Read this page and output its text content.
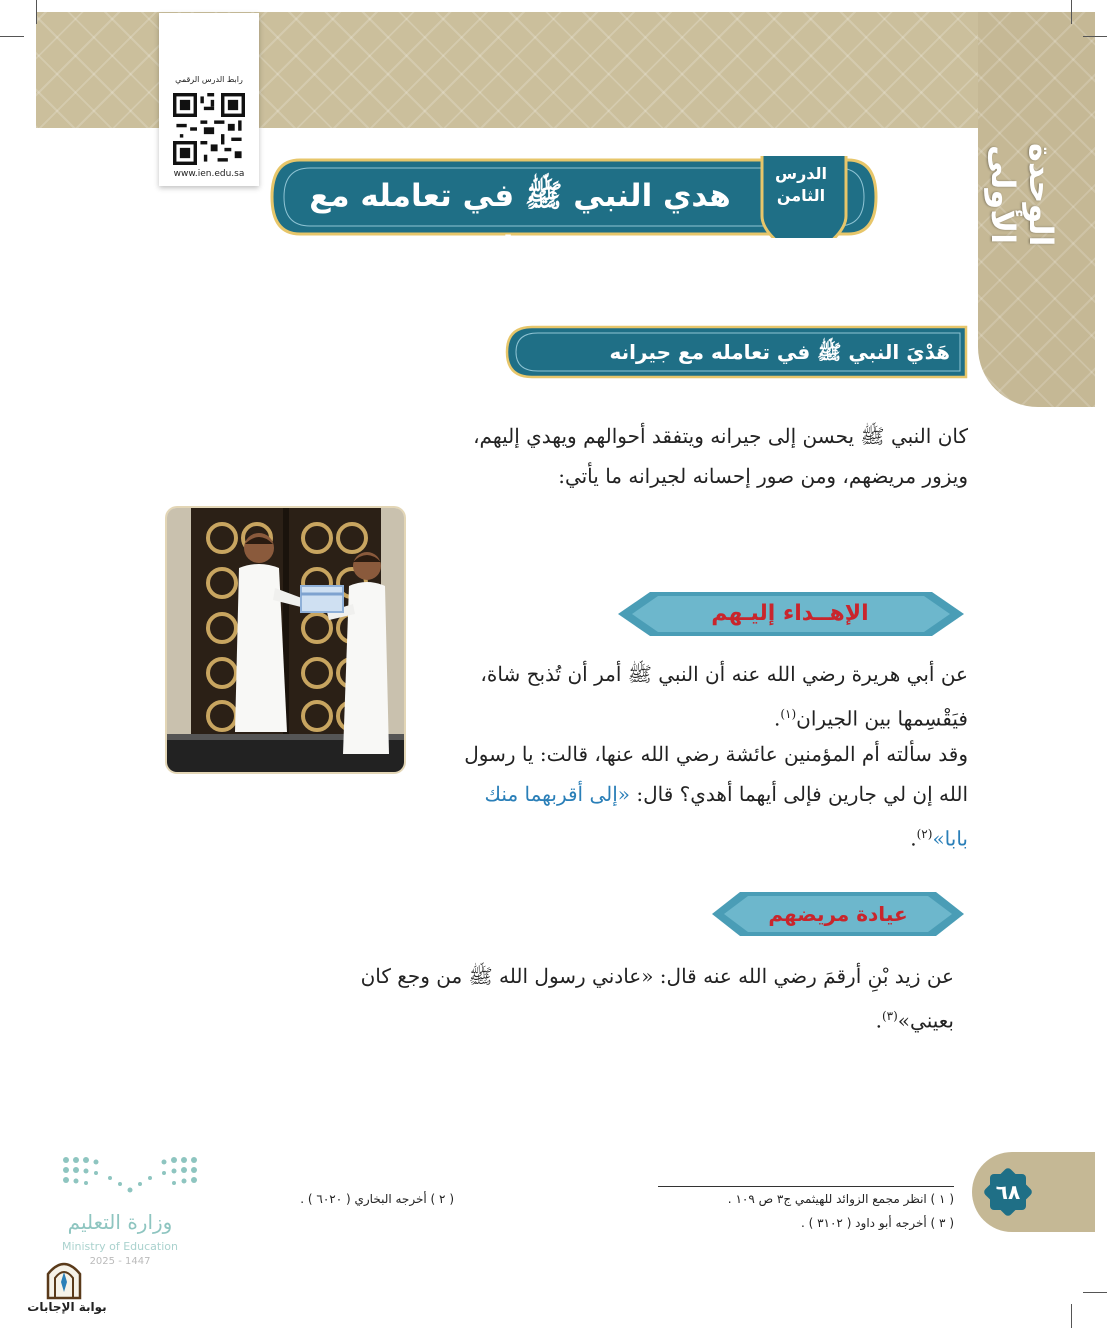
الوحدة الأولى
رابط الدرس الرقمي
www.ien.edu.sa
هدي النبي ﷺ في تعامله مع جيرانه
الدرس
الثامن
هَدْيَ النبي ﷺ في تعامله مع جيرانه
كان النبي ﷺ يحسن إلى جيرانه ويتفقد أحوالهم ويهدي إليهم، ويزور مريضهم، ومن صور إحسانه لجيرانه ما يأتي:
الإهــداء إليـهم
عن أبي هريرة رضي الله عنه أن النبي ﷺ أمر أن تُذبح شاة، فيَقْسِمها بين الجيران$^{(١)}$.
وقد سألته أم المؤمنين عائشة رضي الله عنها، قالت: يا رسول الله إن لي جارين فإلى أيهما أهدي؟ قال: «إلى أقربهما منك بابا»$^{(٢)}$.
عيادة مريضهم
عن زيد بْنِ أرقمَ رضي الله عنه قال: «عادني رسول الله ﷺ من وجع كان بعيني»$^{(٣)}$.
( ١ ) انظر مجمع الزوائد للهيثمي ج٣ ص ١٠٩ .
( ٣ ) أخرجه أبو داود ( ٣١٠٢ ) .
( ٢ ) أخرجه البخاري ( ٦٠٢٠ ) .	٦٨
وزارة التعليم
Ministry of Education
2025 - 1447
بوابة الإجابات
